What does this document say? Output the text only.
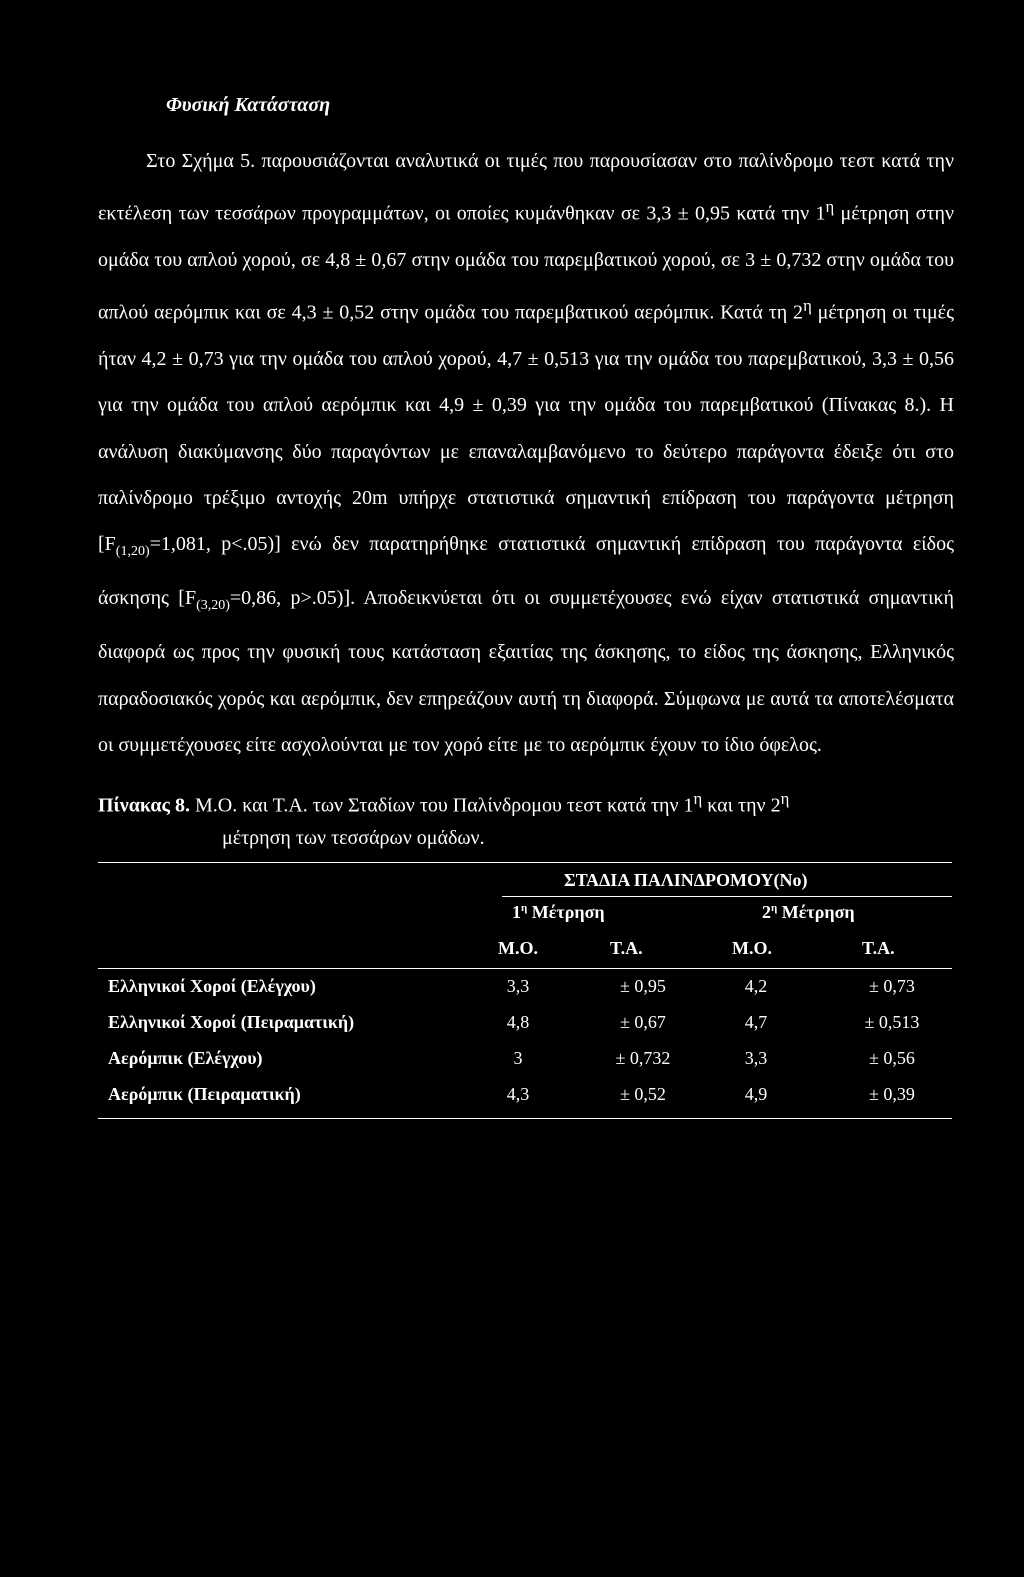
Φυσική Κατάσταση

Στο Σχήμα 5. παρουσιάζονται αναλυτικά οι τιμές που παρουσίασαν στο παλίνδρομο τεστ κατά την εκτέλεση των τεσσάρων προγραμμάτων, οι οποίες κυμάνθηκαν σε 3,3 ± 0,95 κατά την $1^\eta$ μέτρηση στην ομάδα του απλού χορού, σε 4,8 ± 0,67 στην ομάδα του παρεμβατικού χορού, σε 3 ± 0,732 στην ομάδα του απλού αερόμπικ και σε 4,3 ± 0,52 στην ομάδα του παρεμβατικού αερόμπικ. Κατά τη $2^\eta$ μέτρηση οι τιμές ήταν 4,2 ± 0,73 για την ομάδα του απλού χορού, 4,7 ± 0,513 για την ομάδα του παρεμβατικού, 3,3 ± 0,56 για την ομάδα του απλού αερόμπικ και 4,9 ± 0,39 για την ομάδα του παρεμβατικού (Πίνακας 8.). Η ανάλυση διακύμανσης δύο παραγόντων με επαναλαμβανόμενο το δεύτερο παράγοντα έδειξε ότι στο παλίνδρομο τρέξιμο αντοχής 20m υπήρχε στατιστικά σημαντική επίδραση του παράγοντα μέτρηση [$F_{(1,20)}=1,081$, p<.05)] ενώ δεν παρατηρήθηκε στατιστικά σημαντική επίδραση του παράγοντα είδος άσκησης [$F_{(3,20)}=0,86$, p>.05)]. Αποδεικνύεται ότι οι συμμετέχουσες ενώ είχαν στατιστικά σημαντική διαφορά ως προς την φυσική τους κατάσταση εξαιτίας της άσκησης, το είδος της άσκησης, Ελληνικός παραδοσιακός χορός και αερόμπικ, δεν επηρεάζουν αυτή τη διαφορά. Σύμφωνα με αυτά τα αποτελέσματα οι συμμετέχουσες είτε ασχολούνται με τον χορό είτε με το αερόμπικ έχουν το ίδιο όφελος.

Πίνακας 8. Μ.Ο. και Τ.Α. των Σταδίων του Παλίνδρομου τεστ κατά την $1^\eta$ και την $2^\eta$
μέτρηση των τεσσάρων ομάδων.

ΣΤΑΔΙΑ ΠΑΛΙΝΔΡΟΜΟΥ(Νο)
$1^\eta$ Μέτρηση	$2^\eta$ Μέτρηση
Μ.Ο.	Τ.Α.	Μ.Ο.	Τ.Α.
Ελληνικοί Χοροί (Ελέγχου)	3,3	± 0,95	4,2	± 0,73
Ελληνικοί Χοροί (Πειραματική)	4,8	± 0,67	4,7	± 0,513
Αερόμπικ (Ελέγχου)	3	± 0,732	3,3	± 0,56
Αερόμπικ (Πειραματική)	4,3	± 0,52	4,9	± 0,39
